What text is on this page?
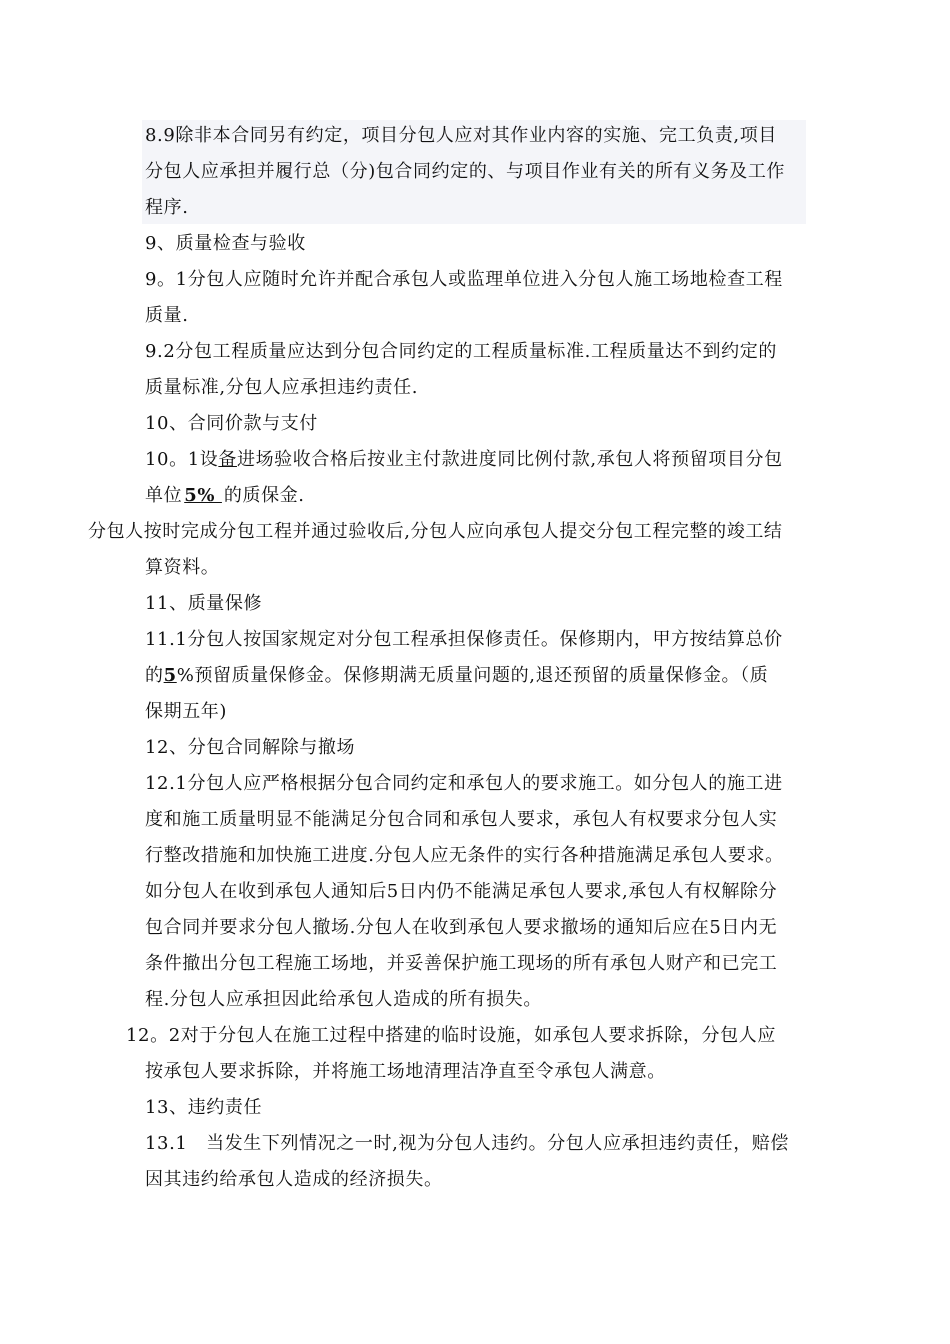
8.9除非本合同另有约定，项目分包人应对其作业内容的实施、完工负责,项目
分包人应承担并履行总（分)包合同约定的、与项目作业有关的所有义务及工作
程序.
9、质量检查与验收
9。1分包人应随时允许并配合承包人或监理单位进入分包人施工场地检查工程
质量.
9.2分包工程质量应达到分包合同约定的工程质量标准.工程质量达不到约定的
质量标准,分包人应承担违约责任.
10、合同价款与支付
10。1设备进场验收合格后按业主付款进度同比例付款,承包人将预留项目分包
单位 5% 的质保金.
分包人按时完成分包工程并通过验收后,分包人应向承包人提交分包工程完整的竣工结
算资料。
11、质量保修
11.1分包人按国家规定对分包工程承担保修责任。保修期内，甲方按结算总价
的5%预留质量保修金。保修期满无质量问题的,退还预留的质量保修金。（质
保期五年)
12、分包合同解除与撤场
12.1分包人应严格根据分包合同约定和承包人的要求施工。如分包人的施工进
度和施工质量明显不能满足分包合同和承包人要求，承包人有权要求分包人实
行整改措施和加快施工进度.分包人应无条件的实行各种措施满足承包人要求。
如分包人在收到承包人通知后5日内仍不能满足承包人要求,承包人有权解除分
包合同并要求分包人撤场.分包人在收到承包人要求撤场的通知后应在5日内无
条件撤出分包工程施工场地，并妥善保护施工现场的所有承包人财产和已完工
程.分包人应承担因此给承包人造成的所有损失。
12。2对于分包人在施工过程中搭建的临时设施，如承包人要求拆除，分包人应
按承包人要求拆除，并将施工场地清理洁净直至令承包人满意。
13、违约责任
13.1　当发生下列情况之一时,视为分包人违约。分包人应承担违约责任，赔偿
因其违约给承包人造成的经济损失。
